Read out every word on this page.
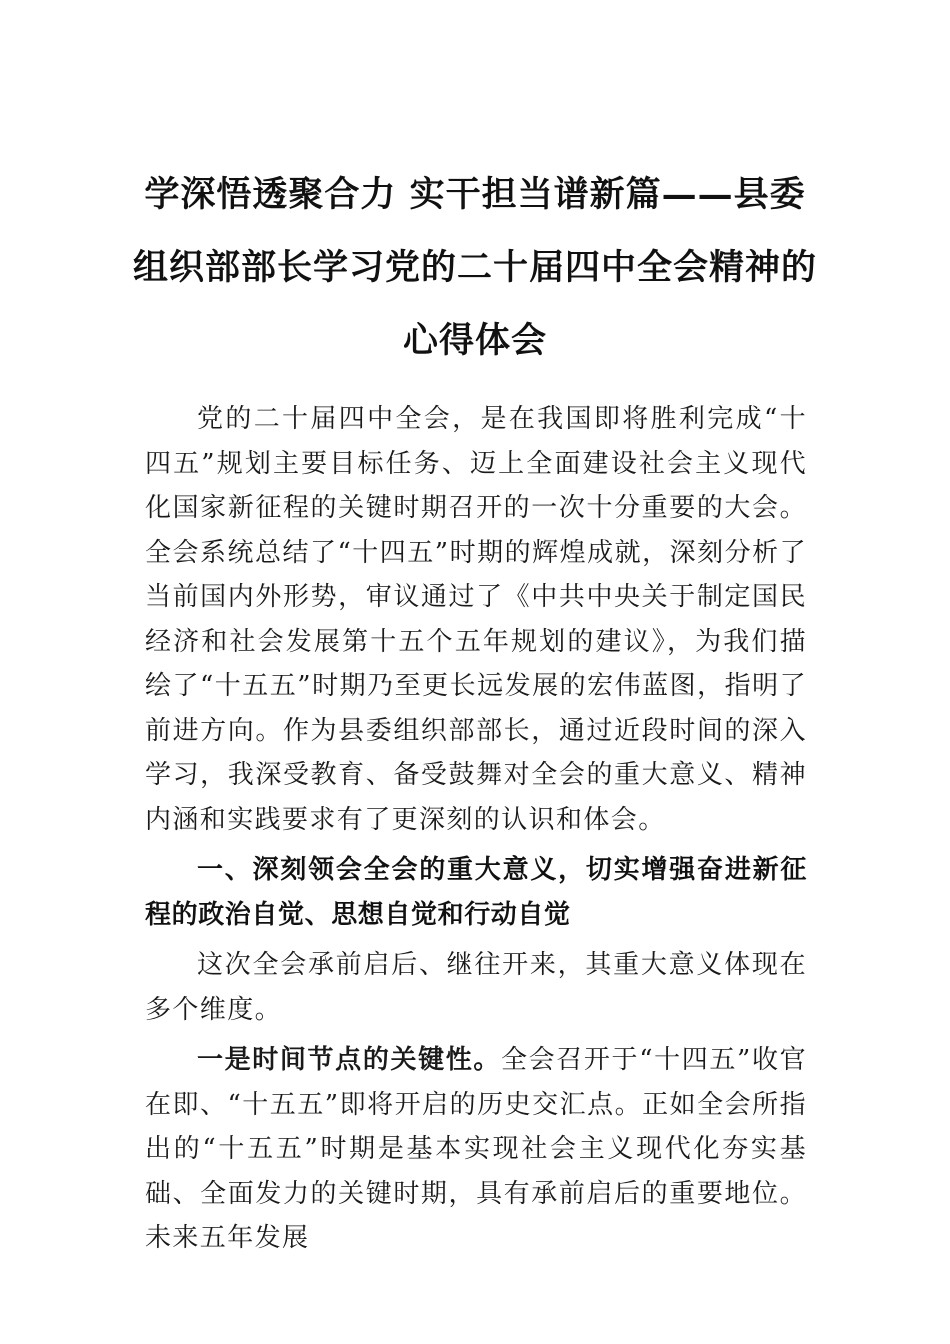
学深悟透聚合力 实干担当谱新篇——县委组织部部长学习党的二十届四中全会精神的心得体会

党的二十届四中全会，是在我国即将胜利完成“十四五”规划主要目标任务、迈上全面建设社会主义现代化国家新征程的关键时期召开的一次十分重要的大会。全会系统总结了“十四五”时期的辉煌成就，深刻分析了当前国内外形势，审议通过了《中共中央关于制定国民经济和社会发展第十五个五年规划的建议》，为我们描绘了“十五五”时期乃至更长远发展的宏伟蓝图，指明了前进方向。作为县委组织部部长，通过近段时间的深入学习，我深受教育、备受鼓舞对全会的重大意义、精神内涵和实践要求有了更深刻的认识和体会。

一、深刻领会全会的重大意义，切实增强奋进新征程的政治自觉、思想自觉和行动自觉

这次全会承前启后、继往开来，其重大意义体现在多个维度。

一是时间节点的关键性。全会召开于“十四五”收官在即、“十五五”即将开启的历史交汇点。正如全会所指出的“十五五”时期是基本实现社会主义现代化夯实基础、全面发力的关键时期，具有承前启后的重要地位。未来五年发展
